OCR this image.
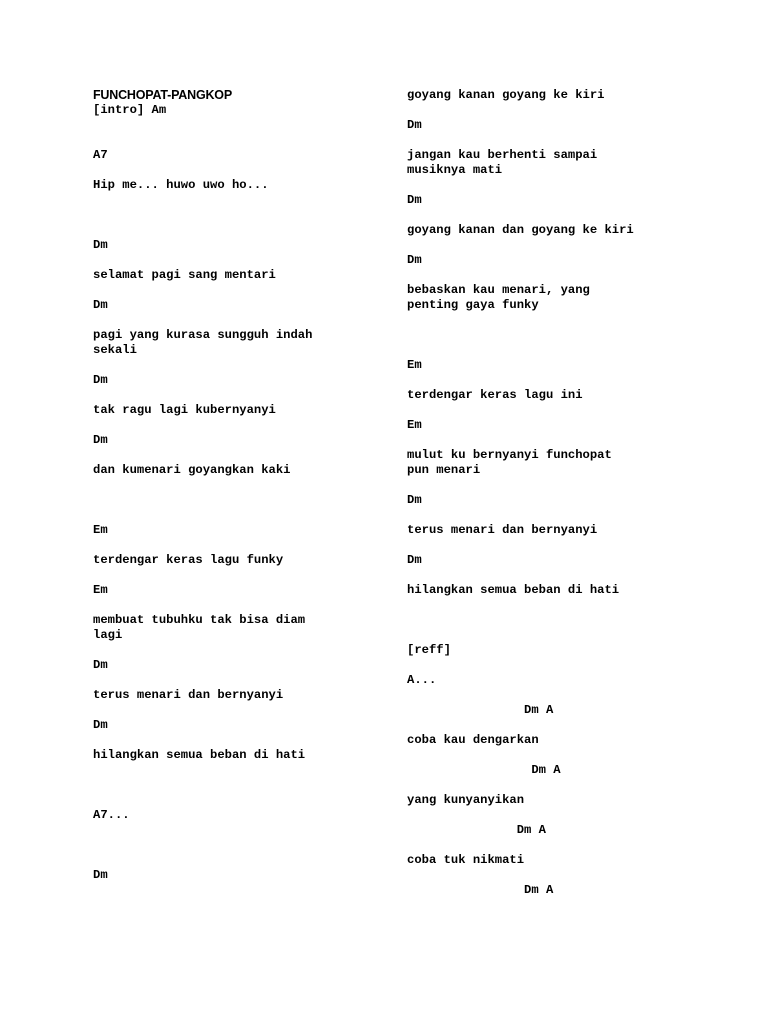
FUNCHOPAT-PANGKOP
[intro] Am

A7

Hip me... huwo uwo ho...

Dm

selamat pagi sang mentari

Dm

pagi yang kurasa sungguh indah
sekali

Dm

tak ragu lagi kubernyanyi

Dm

dan kumenari goyangkan kaki

Em

terdengar keras lagu funky

Em

membuat tubuhku tak bisa diam
lagi

Dm

terus menari dan bernyanyi

Dm

hilangkan semua beban di hati

A7...

Dm
goyang kanan goyang ke kiri

Dm

jangan kau berhenti sampai
musiknya mati

Dm

goyang kanan dan goyang ke kiri

Dm

bebaskan kau menari, yang
penting gaya funky

Em

terdengar keras lagu ini

Em

mulut ku bernyanyi funchopat
pun menari

Dm

terus menari dan bernyanyi

Dm

hilangkan semua beban di hati

[reff]

A...

Dm A

coba kau dengarkan

Dm A

yang kunyanyikan

Dm A

coba tuk nikmati

Dm A
